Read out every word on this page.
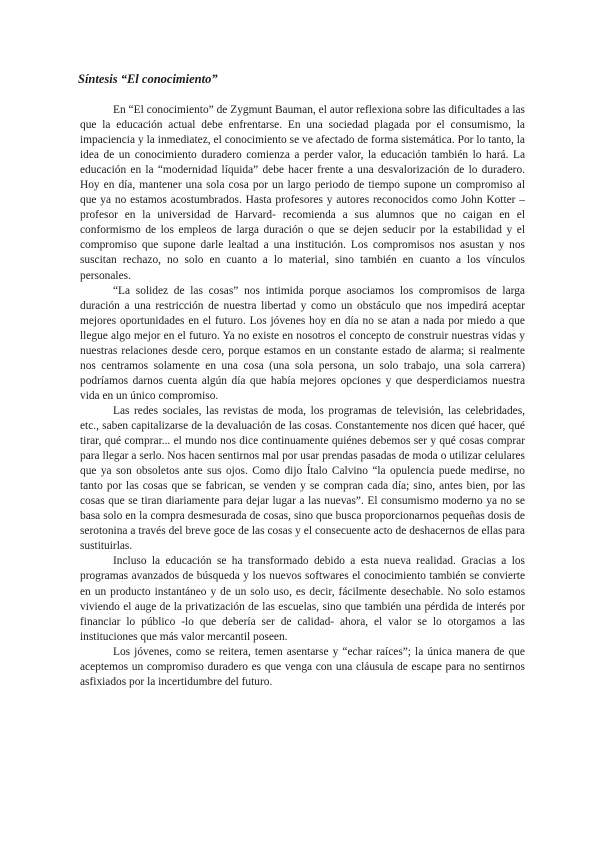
Síntesis “El conocimiento”

En “El conocimiento” de Zygmunt Bauman, el autor reflexiona sobre las dificultades a las que la educación actual debe enfrentarse. En una sociedad plagada por el consumismo, la impaciencia y la inmediatez, el conocimiento se ve afectado de forma sistemática. Por lo tanto, la idea de un conocimiento duradero comienza a perder valor, la educación también lo hará. La educación en la “modernidad líquida” debe hacer frente a una desvalorización de lo duradero. Hoy en día, mantener una sola cosa por un largo periodo de tiempo supone un compromiso al que ya no estamos acostumbrados. Hasta profesores y autores reconocidos como John Kotter –profesor en la universidad de Harvard- recomienda a sus alumnos que no caigan en el conformismo de los empleos de larga duración o que se dejen seducir por la estabilidad y el compromiso que supone darle lealtad a una institución. Los compromisos nos asustan y nos suscitan rechazo, no solo en cuanto a lo material, sino también en cuanto a los vínculos personales.

“La solidez de las cosas” nos intimida porque asociamos los compromisos de larga duración a una restricción de nuestra libertad y como un obstáculo que nos impedirá aceptar mejores oportunidades en el futuro. Los jóvenes hoy en día no se atan a nada por miedo a que llegue algo mejor en el futuro. Ya no existe en nosotros el concepto de construir nuestras vidas y nuestras relaciones desde cero, porque estamos en un constante estado de alarma; si realmente nos centramos solamente en una cosa (una sola persona, un solo trabajo, una sola carrera) podríamos darnos cuenta algún día que había mejores opciones y que desperdiciamos nuestra vida en un único compromiso.

Las redes sociales, las revistas de moda, los programas de televisión, las celebridades, etc., saben capitalizarse de la devaluación de las cosas. Constantemente nos dicen qué hacer, qué tirar, qué comprar... el mundo nos dice continuamente quiénes debemos ser y qué cosas comprar para llegar a serlo. Nos hacen sentirnos mal por usar prendas pasadas de moda o utilizar celulares que ya son obsoletos ante sus ojos. Como dijo Ítalo Calvino “la opulencia puede medirse, no tanto por las cosas que se fabrican, se venden y se compran cada día; sino, antes bien, por las cosas que se tiran diariamente para dejar lugar a las nuevas”. El consumismo moderno ya no se basa solo en la compra desmesurada de cosas, sino que busca proporcionarnos pequeñas dosis de serotonina a través del breve goce de las cosas y el consecuente acto de deshacernos de ellas para sustituirlas.

Incluso la educación se ha transformado debido a esta nueva realidad. Gracias a los programas avanzados de búsqueda y los nuevos softwares el conocimiento también se convierte en un producto instantáneo y de un solo uso, es decir, fácilmente desechable. No solo estamos viviendo el auge de la privatización de las escuelas, sino que también una pérdida de interés por financiar lo público -lo que debería ser de calidad- ahora, el valor se lo otorgamos a las instituciones que más valor mercantil poseen.

Los jóvenes, como se reitera, temen asentarse y “echar raíces”; la única manera de que aceptemos un compromiso duradero es que venga con una cláusula de escape para no sentirnos asfixiados por la incertidumbre del futuro.
